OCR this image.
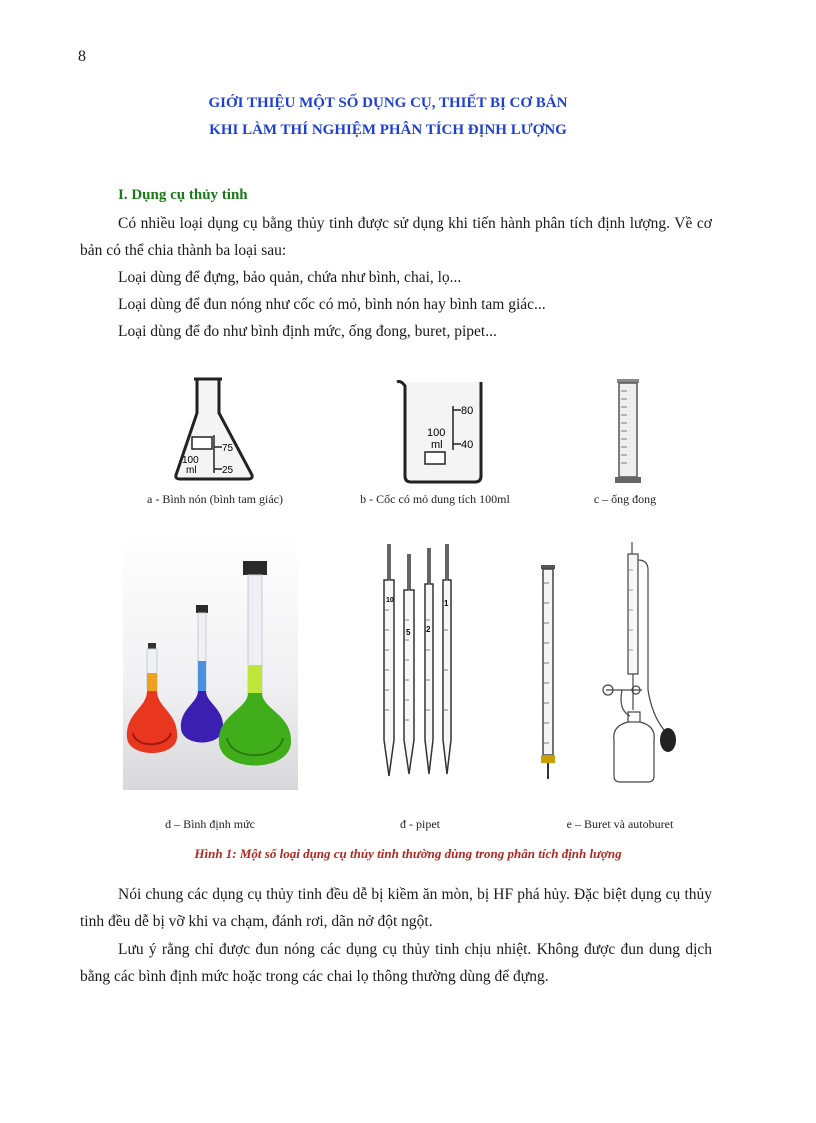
8
GIỚI THIỆU MỘT SỐ DỤNG CỤ, THIẾT BỊ CƠ BẢN
KHI LÀM THÍ NGHIỆM PHÂN TÍCH ĐỊNH LƯỢNG
I. Dụng cụ thủy tinh
Có nhiều loại dụng cụ bằng thủy tinh được sử dụng khi tiến hành phân tích định lượng. Về cơ bản có thể chia thành ba loại sau:
Loại dùng để đựng, bảo quản, chứa như bình, chai, lọ...
Loại dùng để đun nóng như cốc có mỏ, bình nón hay bình tam giác...
Loại dùng để đo như bình định mức, ống đong, buret, pipet...
75
25
100
ml
a - Bình nón (bình tam giác)
80
40
100
ml
b - Cốc có mỏ dung tích 100ml	c – ống đong
d – Bình định mức
10
5 2
1
đ - pipet	e – Buret và autoburet
Hình 1: Một số loại dụng cụ thủy tinh thường dùng trong phân tích định lượng
Nói chung các dụng cụ thủy tinh đều dễ bị kiềm ăn mòn, bị HF phá hủy. Đặc biệt dụng cụ thủy tinh đều dễ bị vỡ khi va chạm, đánh rơi, dãn nở đột ngột.
Lưu ý rằng chỉ được đun nóng các dụng cụ thủy tinh chịu nhiệt. Không được đun dung dịch bằng các bình định mức hoặc trong các chai lọ thông thường dùng để đựng.
